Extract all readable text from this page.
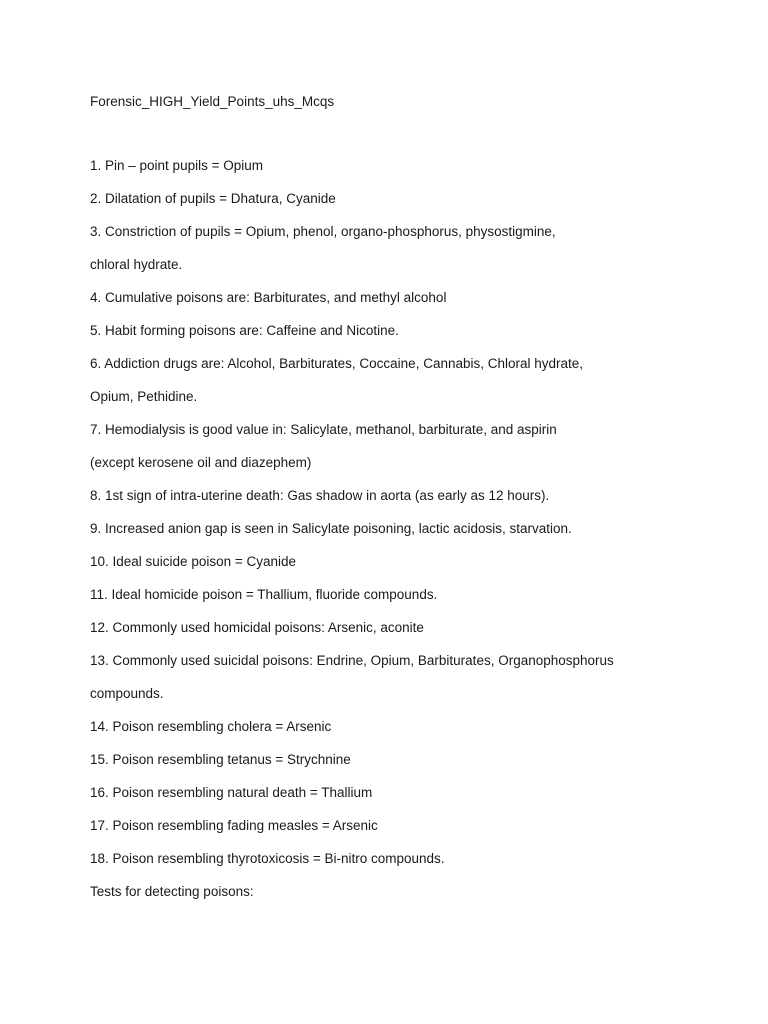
Forensic_HIGH_Yield_Points_uhs_Mcqs
1. Pin – point pupils = Opium
2. Dilatation of pupils = Dhatura, Cyanide
3. Constriction of pupils = Opium, phenol, organo-phosphorus, physostigmine,
chloral hydrate.
4. Cumulative poisons are: Barbiturates, and methyl alcohol
5. Habit forming poisons are: Caffeine and Nicotine.
6. Addiction drugs are: Alcohol, Barbiturates, Coccaine, Cannabis, Chloral hydrate,
Opium, Pethidine.
7. Hemodialysis is good value in: Salicylate, methanol, barbiturate, and aspirin
(except kerosene oil and diazephem)
8. 1st sign of intra-uterine death: Gas shadow in aorta (as early as 12 hours).
9. Increased anion gap is seen in Salicylate poisoning, lactic acidosis, starvation.
10. Ideal suicide poison = Cyanide
11. Ideal homicide poison = Thallium, fluoride compounds.
12. Commonly used homicidal poisons: Arsenic, aconite
13. Commonly used suicidal poisons: Endrine, Opium, Barbiturates, Organophosphorus
compounds.
14. Poison resembling cholera = Arsenic
15. Poison resembling tetanus = Strychnine
16. Poison resembling natural death = Thallium
17. Poison resembling fading measles = Arsenic
18. Poison resembling thyrotoxicosis = Bi-nitro compounds.
Tests for detecting poisons:
